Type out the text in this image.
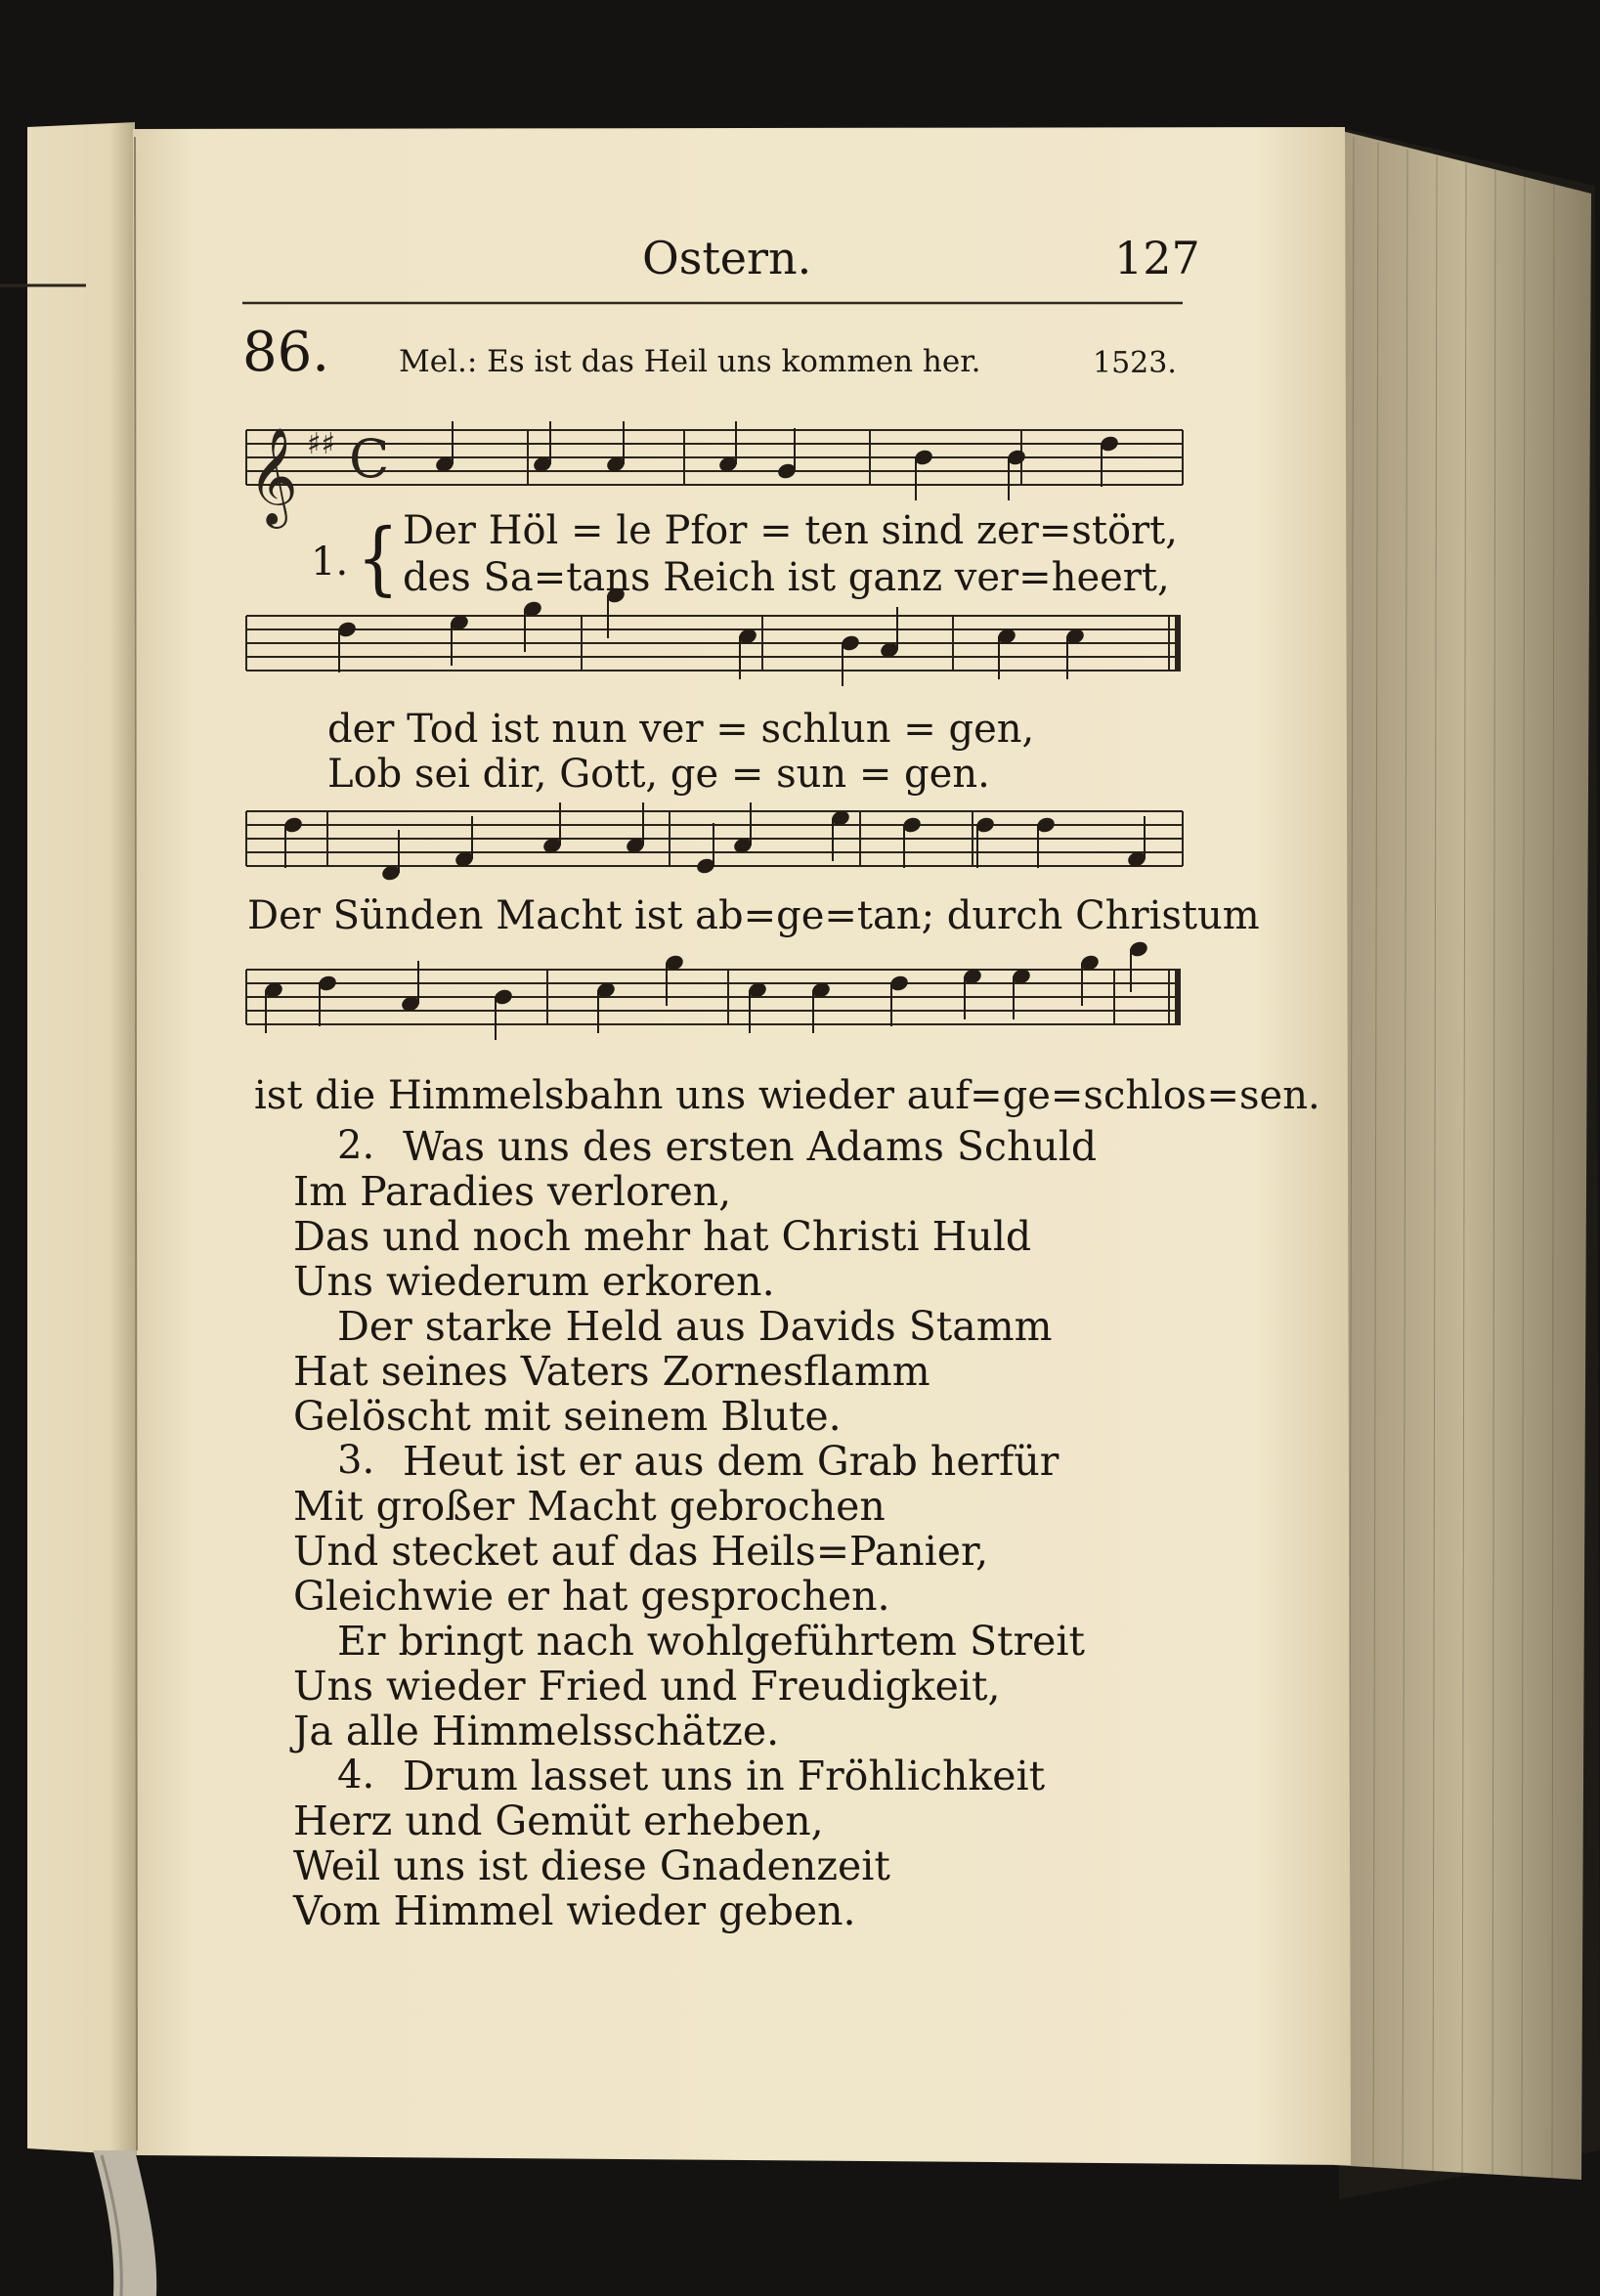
𝄞 ♯♯ C
Ostern.	127
86. Mel.: Es ist das Heil uns kommen her.	1523.
1. { Der Höl = le Pfor = ten sind zer=stört,
des Sa=tans Reich ist ganz ver=heert,
der Tod ist nun ver = schlun = gen,
Lob sei dir, Gott, ge = sun = gen.
Der Sünden Macht ist ab=ge=tan; durch Christum
ist die Himmelsbahn uns wieder auf=ge=schlos=sen.
2. Was uns des ersten Adams Schuld
Im Paradies verloren,
Das und noch mehr hat Christi Huld
Uns wiederum erkoren.
Der starke Held aus Davids Stamm
Hat seines Vaters Zornesflamm
Gelöscht mit seinem Blute.
3. Heut ist er aus dem Grab herfür
Mit großer Macht gebrochen
Und stecket auf das Heils=Panier,
Gleichwie er hat gesprochen.
Er bringt nach wohlgeführtem Streit
Uns wieder Fried und Freudigkeit,
Ja alle Himmelsschätze.
4. Drum lasset uns in Fröhlichkeit
Herz und Gemüt erheben,
Weil uns ist diese Gnadenzeit
Vom Himmel wieder geben.
